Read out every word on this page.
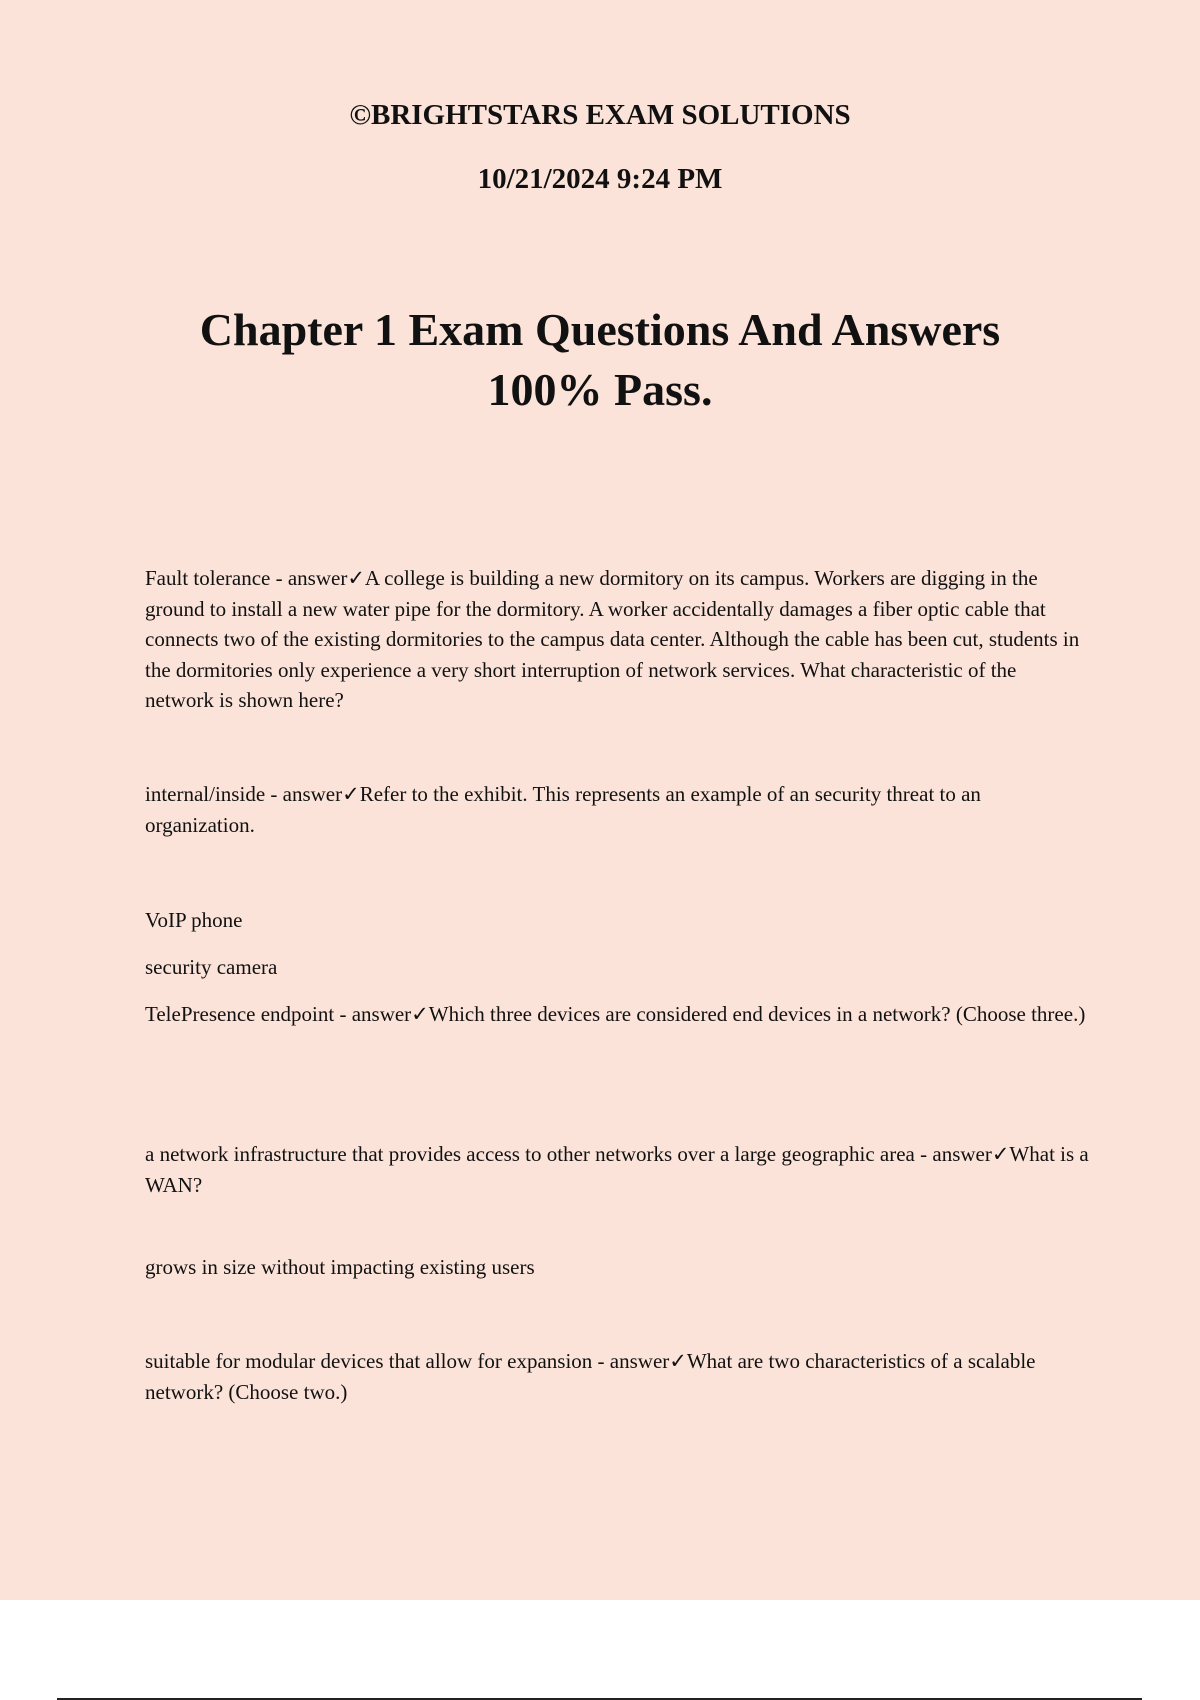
©BRIGHTSTARS EXAM SOLUTIONS
10/21/2024 9:24 PM
Chapter 1 Exam Questions And Answers 100% Pass.

Fault tolerance - answer✓A college is building a new dormitory on its campus. Workers are digging in the ground to install a new water pipe for the dormitory. A worker accidentally damages a fiber optic cable that connects two of the existing dormitories to the campus data center. Although the cable has been cut, students in the dormitories only experience a very short interruption of network services. What characteristic of the network is shown here?

internal/inside - answer✓Refer to the exhibit. This represents an example of an security threat to an organization.

VoIP phone

security camera

TelePresence endpoint - answer✓Which three devices are considered end devices in a network? (Choose three.)

a network infrastructure that provides access to other networks over a large geographic area - answer✓What is a WAN?

grows in size without impacting existing users

suitable for modular devices that allow for expansion - answer✓What are two characteristics of a scalable network? (Choose two.)
